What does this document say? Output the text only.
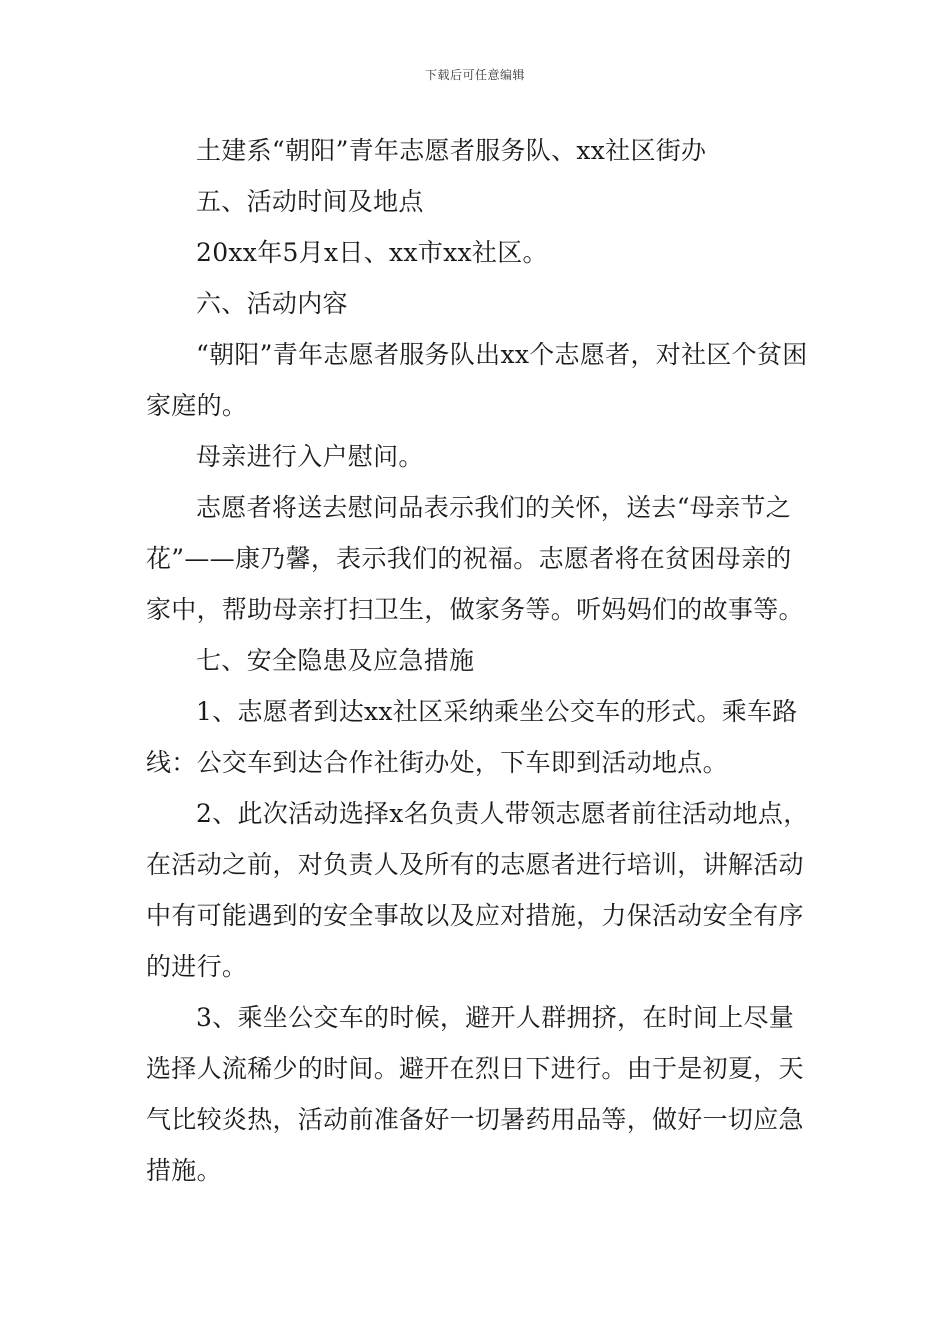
下载后可任意编辑

土建系“朝阳”青年志愿者服务队、xx社区街办

五、活动时间及地点

20xx年5月x日、xx市xx社区。

六、活动内容

“朝阳”青年志愿者服务队出xx个志愿者，对社区个贫困家庭的。

母亲进行入户慰问。

志愿者将送去慰问品表示我们的关怀，送去“母亲节之花”——康乃馨，表示我们的祝福。志愿者将在贫困母亲的家中，帮助母亲打扫卫生，做家务等。听妈妈们的故事等。

七、安全隐患及应急措施

1、志愿者到达xx社区采纳乘坐公交车的形式。乘车路线：公交车到达合作社街办处，下车即到活动地点。

2、此次活动选择x名负责人带领志愿者前往活动地点，在活动之前，对负责人及所有的志愿者进行培训，讲解活动中有可能遇到的安全事故以及应对措施，力保活动安全有序的进行。

3、乘坐公交车的时候，避开人群拥挤，在时间上尽量选择人流稀少的时间。避开在烈日下进行。由于是初夏，天气比较炎热，活动前准备好一切暑药用品等，做好一切应急措施。
